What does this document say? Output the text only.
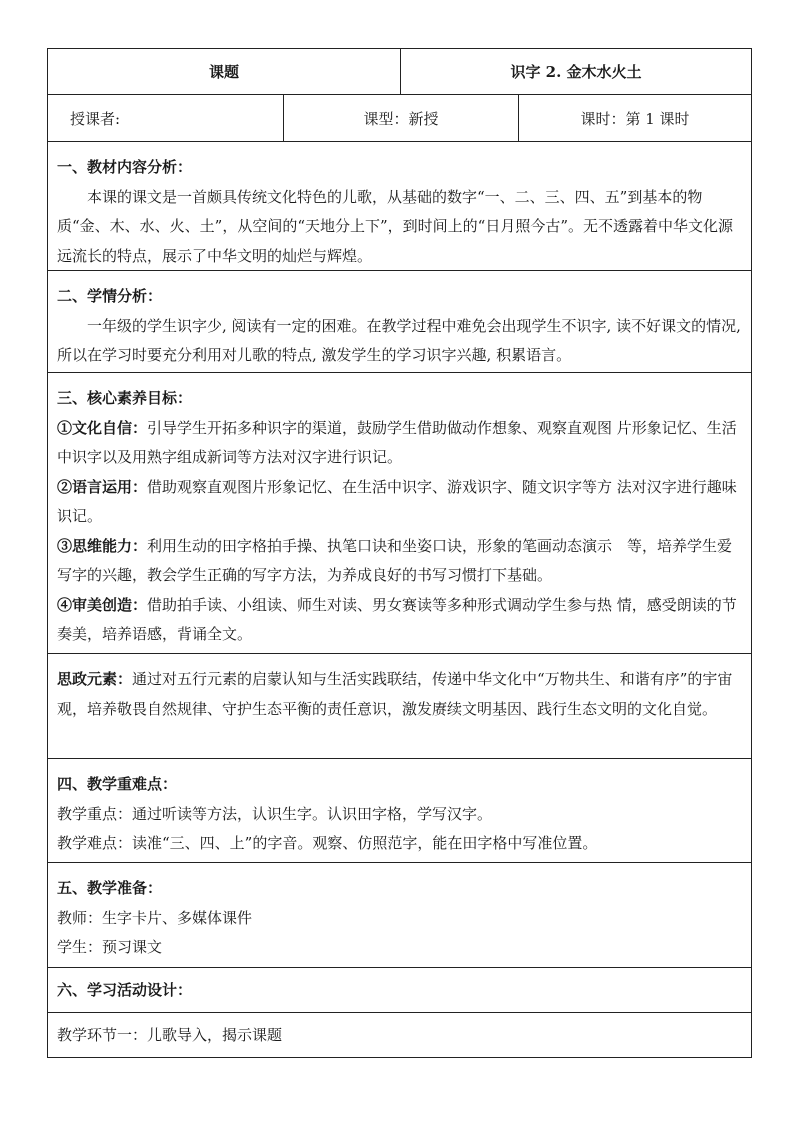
课题	识字 2. 金木水火土
授课者:	课型：新授	课时：第 1 课时

一、教材内容分析：

本课的课文是一首颇具传统文化特色的儿歌，从基础的数字“一、二、三、四、五”到基本的物质“金、木、水、火、土”，从空间的“天地分上下”，到时间上的“日月照今古”。无不透露着中华文化源远流长的特点，展示了中华文明的灿烂与辉煌。

二、学情分析：

一年级的学生识字少, 阅读有一定的困难。在教学过程中难免会出现学生不识字, 读不好课文的情况, 所以在学习时要充分利用对儿歌的特点, 激发学生的学习识字兴趣, 积累语言。

三、核心素养目标：

①文化自信：引导学生开拓多种识字的渠道，鼓励学生借助做动作想象、观察直观图 片形象记忆、生活中识字以及用熟字组成新词等方法对汉字进行识记。

②语言运用：借助观察直观图片形象记忆、在生活中识字、游戏识字、随文识字等方 法对汉字进行趣味识记。

③思维能力：利用生动的田字格拍手操、执笔口诀和坐姿口诀，形象的笔画动态演示　等，培养学生爱写字的兴趣，教会学生正确的写字方法，为养成良好的书写习惯打下基础。

④审美创造：借助拍手读、小组读、师生对读、男女赛读等多种形式调动学生参与热 情，感受朗读的节奏美，培养语感，背诵全文。

思政元素：通过对五行元素的启蒙认知与生活实践联结，传递中华文化中“万物共生、和谐有序”的宇宙观，培养敬畏自然规律、守护生态平衡的责任意识，激发赓续文明基因、践行生态文明的文化自觉。

四、教学重难点：

教学重点：通过听读等方法，认识生字。认识田字格，学写汉字。

教学难点：读准“三、四、上”的字音。观察、仿照范字，能在田字格中写准位置。

五、教学准备：

教师：生字卡片、多媒体课件

学生：预习课文

六、学习活动设计：

教学环节一：儿歌导入，揭示课题
